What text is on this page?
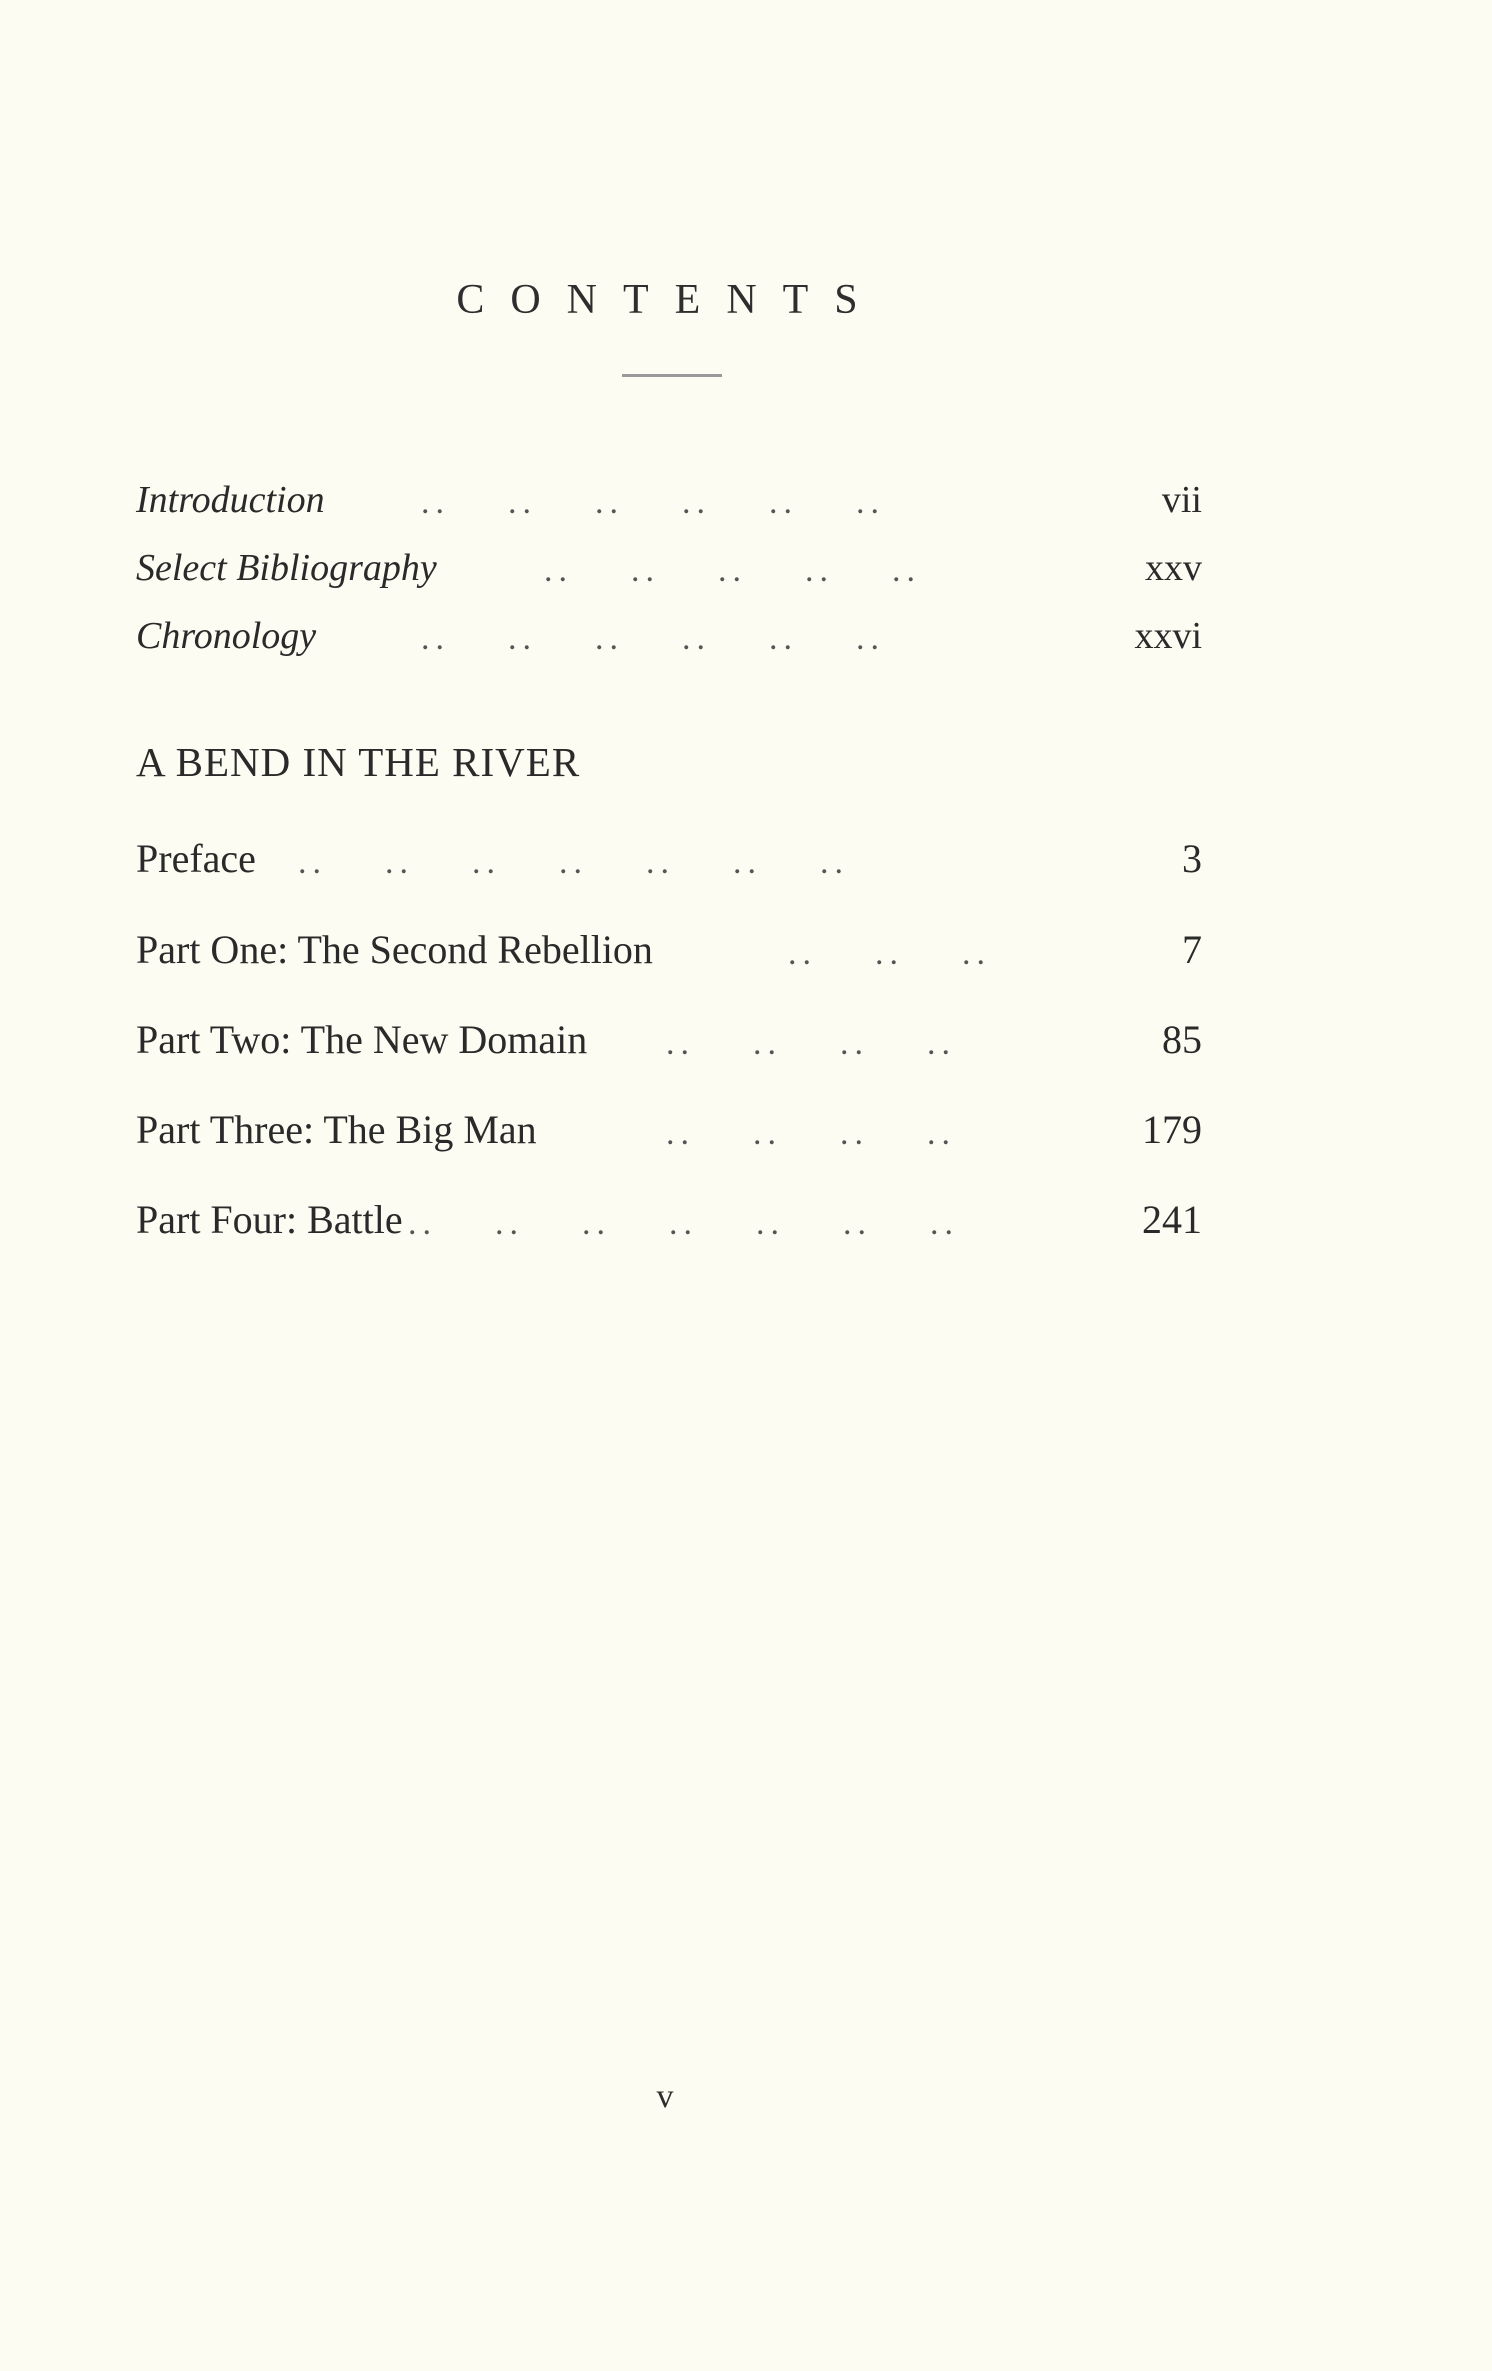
CONTENTS
Introduction	..    ..    ..    ..    ..    ..	vii
Select Bibliography	..    ..    ..    ..    ..	xxv
Chronology	..    ..    ..    ..    ..    ..	xxvi
A BEND IN THE RIVER
Preface ..    ..    ..    ..    ..    ..    ..	3
Part One: The Second Rebellion	..    ..    ..	7
Part Two: The New Domain ..    ..    ..    ..	85
Part Three: The Big Man	..    ..    ..    ..	179
Part Four: Battle ..    ..    ..    ..    ..    ..    ..	241
v
